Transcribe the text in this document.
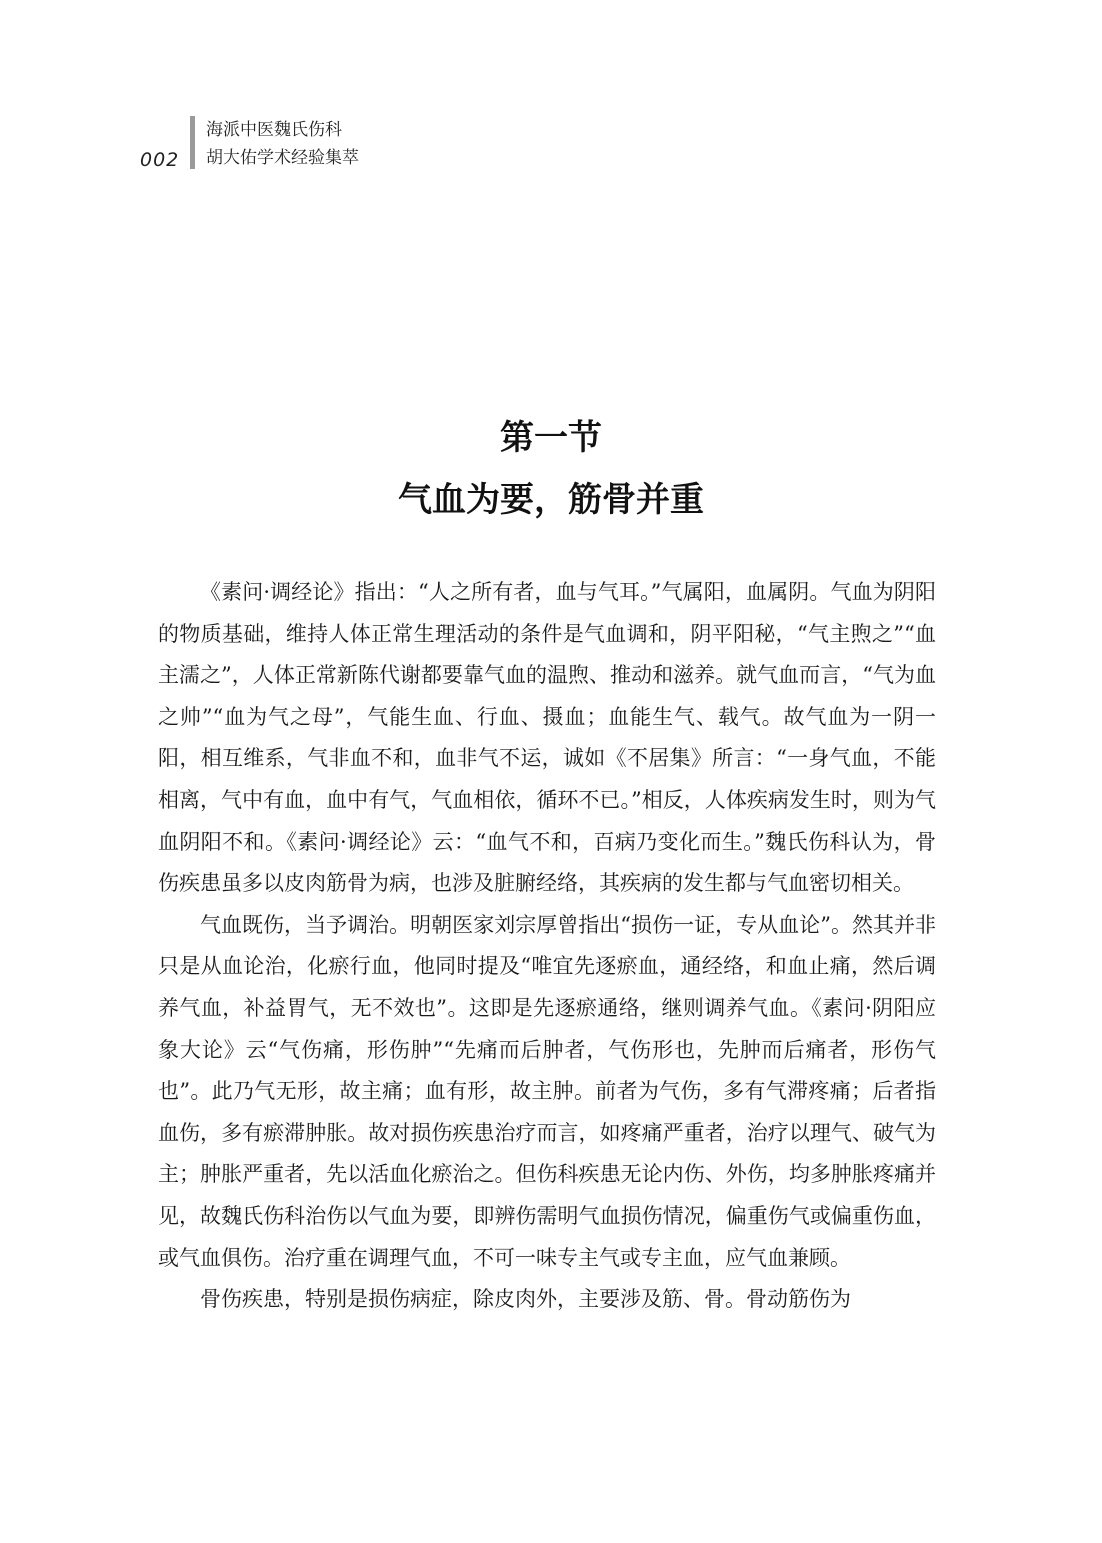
002
海派中医魏氏伤科
胡大佑学术经验集萃
第一节
气血为要，筋骨并重

《素问·调经论》指出：“人之所有者，血与气耳。”气属阳，血属阴。气血为阴阳的物质基础，维持人体正常生理活动的条件是气血调和，阴平阳秘，“气主煦之”“血主濡之”，人体正常新陈代谢都要靠气血的温煦、推动和滋养。就气血而言，“气为血之帅”“血为气之母”，气能生血、行血、摄血；血能生气、载气。故气血为一阴一阳，相互维系，气非血不和，血非气不运，诚如《不居集》所言：“一身气血，不能相离，气中有血，血中有气，气血相依，循环不已。”相反，人体疾病发生时，则为气血阴阳不和。《素问·调经论》云：“血气不和，百病乃变化而生。”魏氏伤科认为，骨伤疾患虽多以皮肉筋骨为病，也涉及脏腑经络，其疾病的发生都与气血密切相关。

气血既伤，当予调治。明朝医家刘宗厚曾指出“损伤一证，专从血论”。然其并非只是从血论治，化瘀行血，他同时提及“唯宜先逐瘀血，通经络，和血止痛，然后调养气血，补益胃气，无不效也”。这即是先逐瘀通络，继则调养气血。《素问·阴阳应象大论》云“气伤痛，形伤肿”“先痛而后肿者，气伤形也，先肿而后痛者，形伤气也”。此乃气无形，故主痛；血有形，故主肿。前者为气伤，多有气滞疼痛；后者指血伤，多有瘀滞肿胀。故对损伤疾患治疗而言，如疼痛严重者，治疗以理气、破气为主；肿胀严重者，先以活血化瘀治之。但伤科疾患无论内伤、外伤，均多肿胀疼痛并见，故魏氏伤科治伤以气血为要，即辨伤需明气血损伤情况，偏重伤气或偏重伤血，或气血俱伤。治疗重在调理气血，不可一味专主气或专主血，应气血兼顾。

骨伤疾患，特别是损伤病症，除皮肉外，主要涉及筋、骨。骨动筋伤为
